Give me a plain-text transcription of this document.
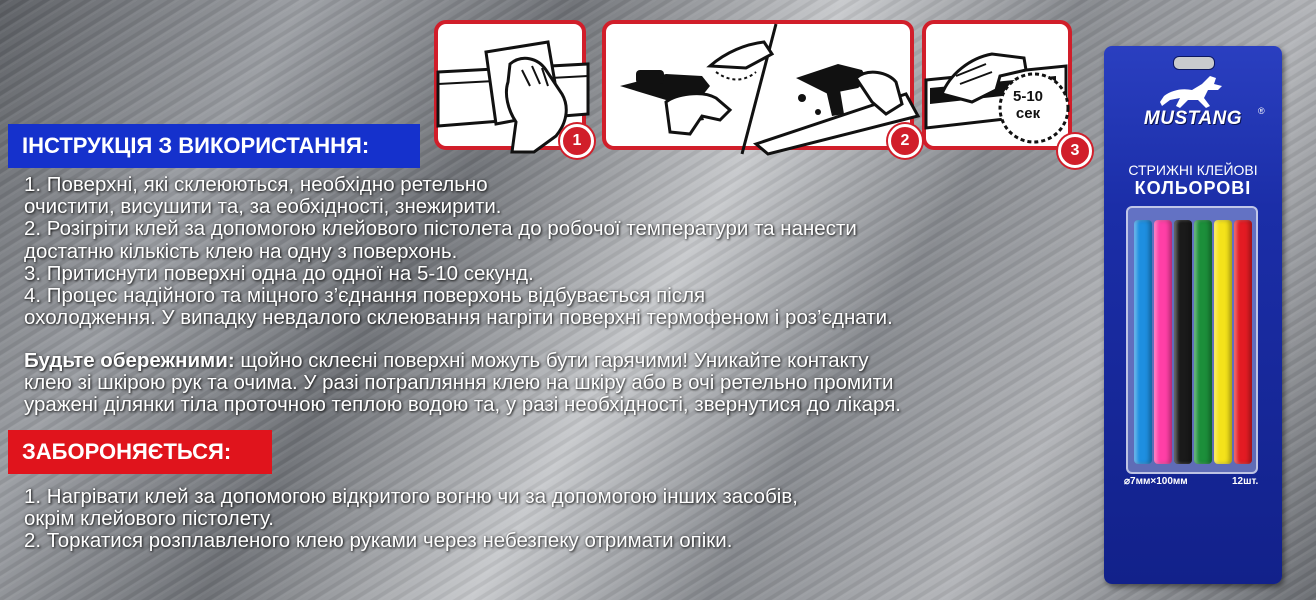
1	2
3
5-10
сек
ІНСТРУКЦІЯ З ВИКОРИСТАННЯ:
1. Поверхні, які склеюються, необхідно ретельно
очистити, висушити та, за еобхідності, знежирити.
2. Розігріти клей за допомогою клейового пістолета до робочої температури та нанести
достатню кількість клею на одну з поверхонь.
3. Притиснути поверхні одна до одної на 5-10 секунд.
4. Процес надійного та міцного з’єднання поверхонь відбувається після
охолодження. У випадку невдалого склеювання нагріти поверхні термофеном і роз’єднати.
Будьте обережними: щойно склеєні поверхні можуть бути гарячими! Уникайте контакту
клею зі шкірою рук та очима. У разі потрапляння клею на шкіру або в очі ретельно промити
уражені ділянки тіла проточною теплою водою та, у разі необхідності, звернутися до лікаря.
ЗАБОРОНЯЄТЬСЯ:
1. Нагрівати клей за допомогою відкритого вогню чи за допомогою інших засобів,
окрім клейового пістолету.
2. Торкатися розплавленого клею руками через небезпеку отримати опіки.
MUSTANG	®
СТРИЖНІ КЛЕЙОВІ
КОЛЬОРОВІ
⌀7мм×100мм	12шт.
